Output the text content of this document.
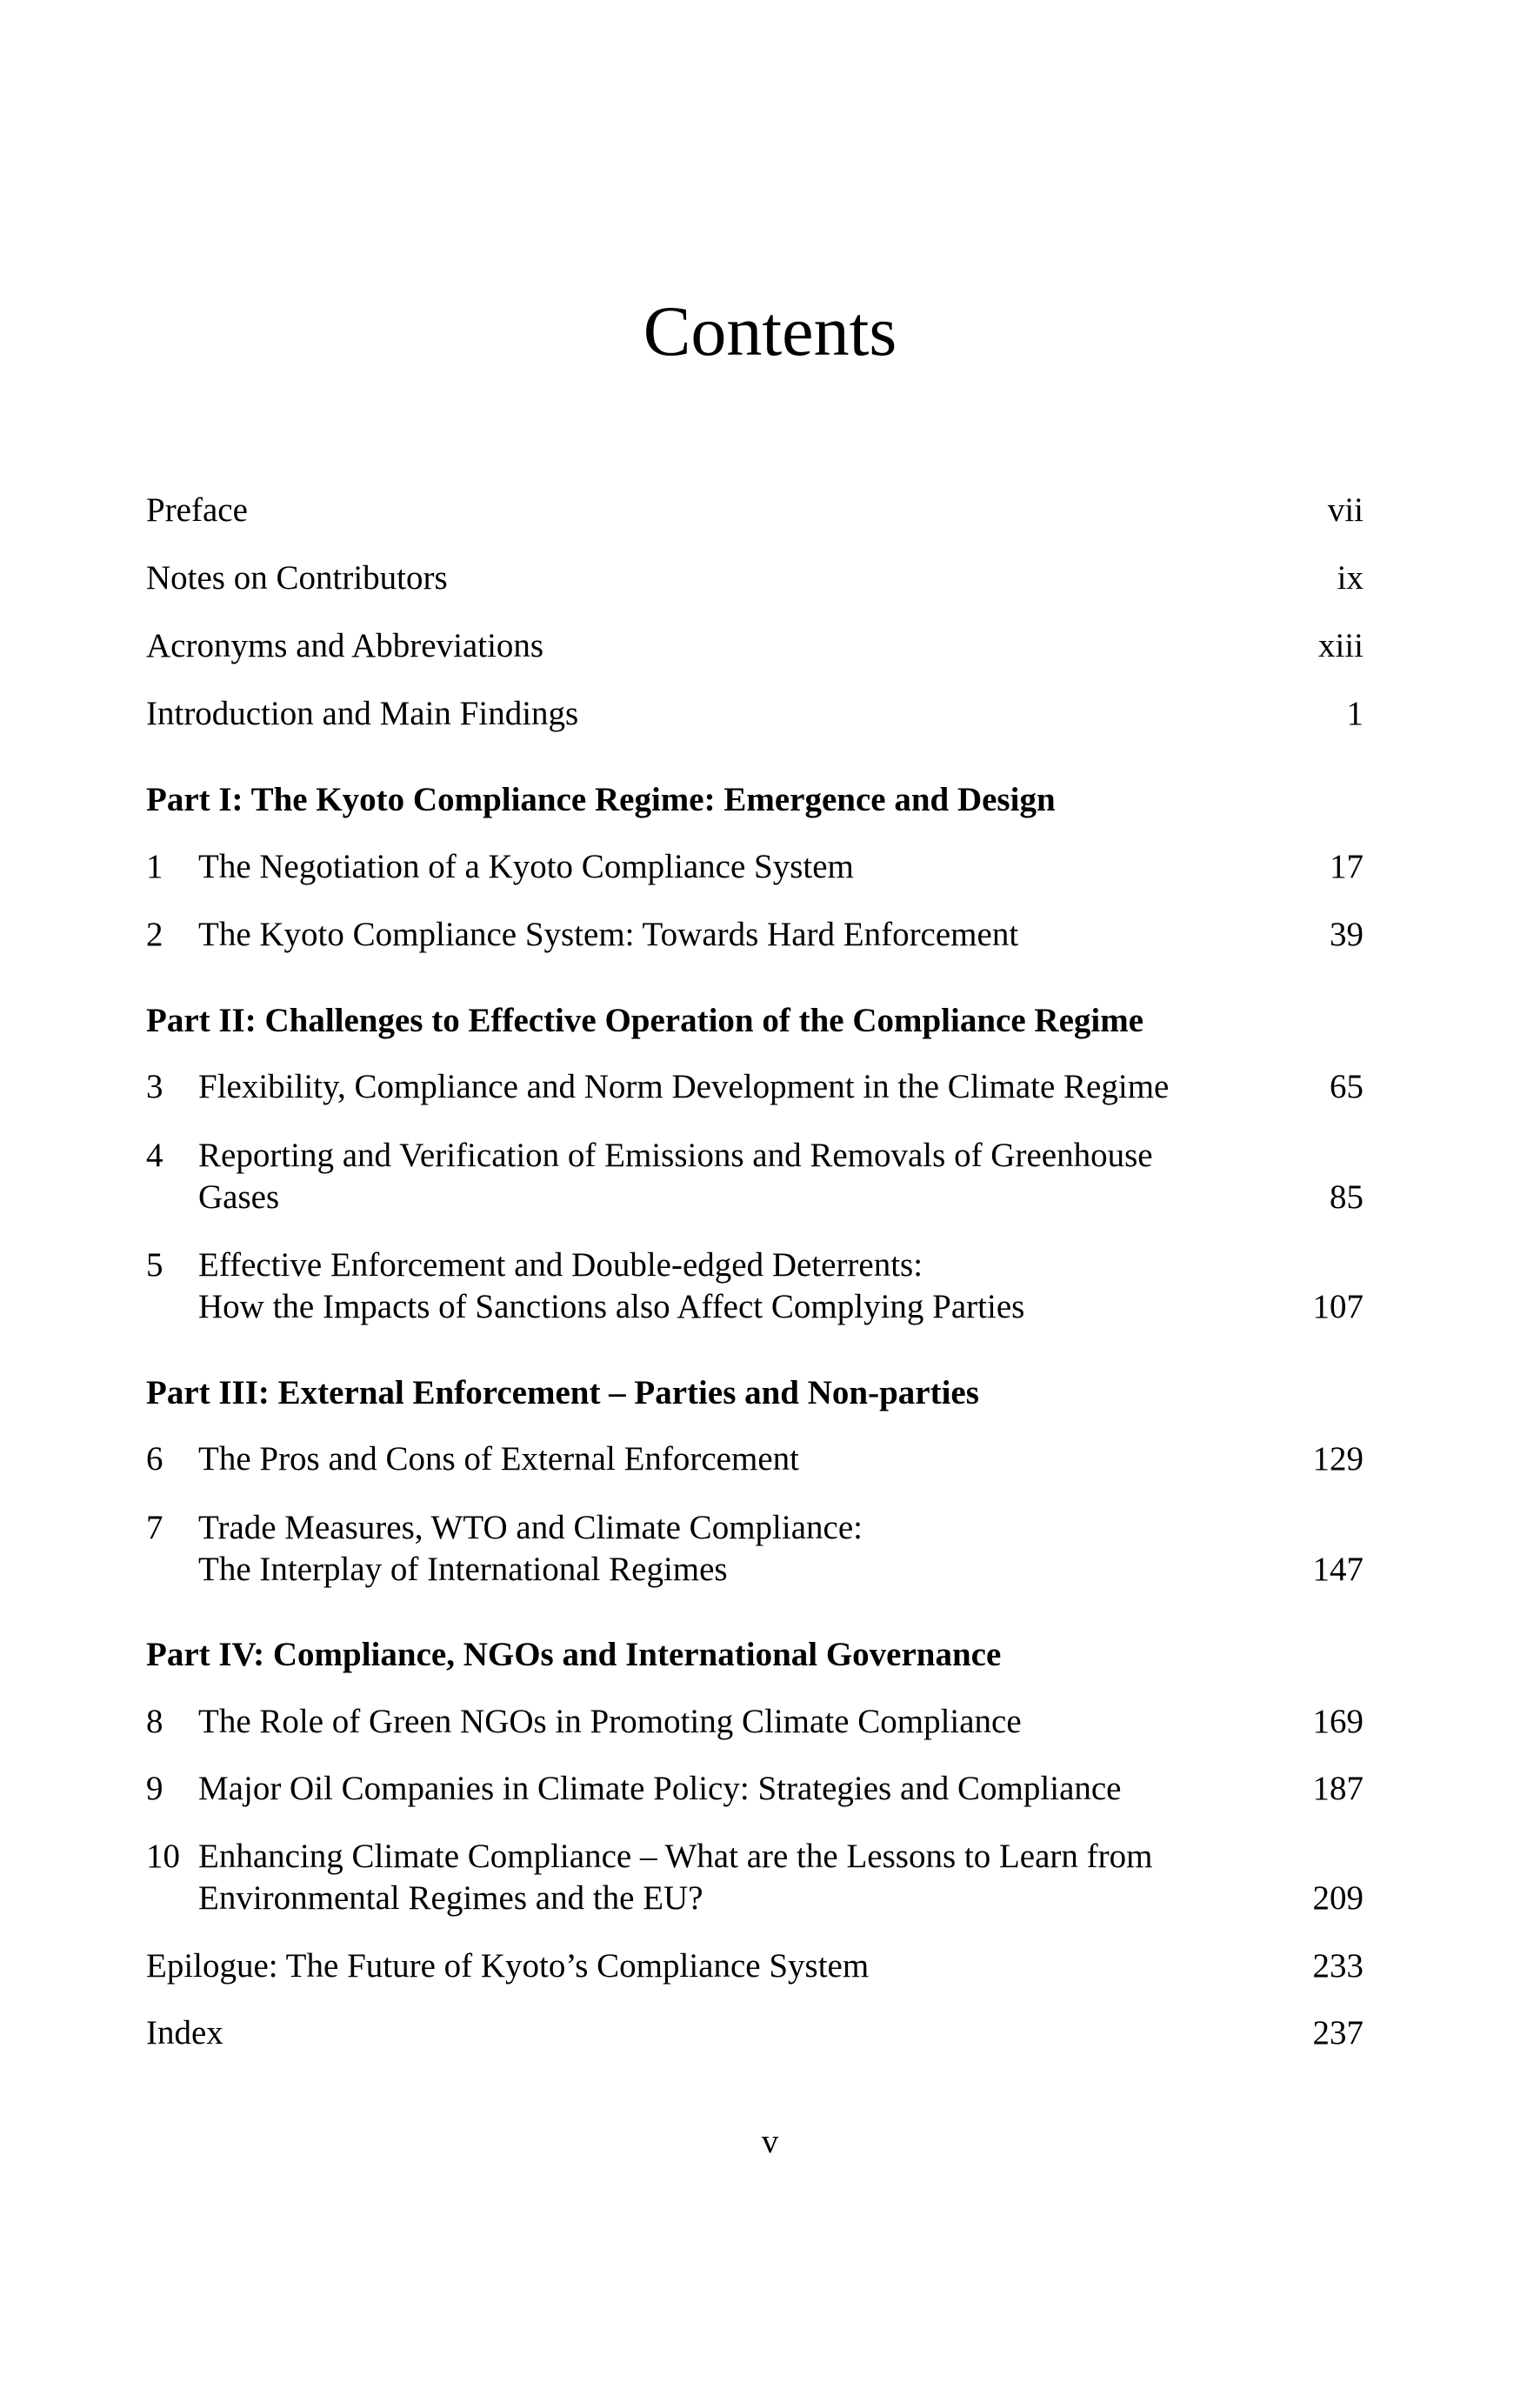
Contents
Preface	vii
Notes on Contributors	ix
Acronyms and Abbreviations	xiii
Introduction and Main Findings	1
Part I: The Kyoto Compliance Regime: Emergence and Design
1 The Negotiation of a Kyoto Compliance System	17
2 The Kyoto Compliance System: Towards Hard Enforcement	39
Part II: Challenges to Effective Operation of the Compliance Regime
3 Flexibility, Compliance and Norm Development in the Climate Regime	65
4 Reporting and Verification of Emissions and Removals of Greenhouse
Gases	85
5 Effective Enforcement and Double-edged Deterrents:
How the Impacts of Sanctions also Affect Complying Parties	107
Part III: External Enforcement – Parties and Non-parties
6 The Pros and Cons of External Enforcement	129
7 Trade Measures, WTO and Climate Compliance:
The Interplay of International Regimes	147
Part IV: Compliance, NGOs and International Governance
8 The Role of Green NGOs in Promoting Climate Compliance	169
9 Major Oil Companies in Climate Policy: Strategies and Compliance	187
10 Enhancing Climate Compliance – What are the Lessons to Learn from
Environmental Regimes and the EU?	209
Epilogue: The Future of Kyoto’s Compliance System	233
Index	237
v
